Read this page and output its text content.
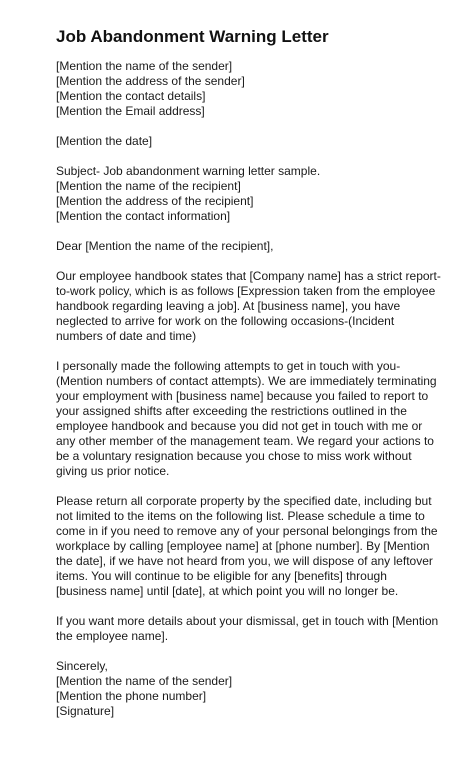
Job Abandonment Warning Letter
[Mention the name of the sender]
[Mention the address of the sender]
[Mention the contact details]
[Mention the Email address]
[Mention the date]
Subject- Job abandonment warning letter sample.
[Mention the name of the recipient]
[Mention the address of the recipient]
[Mention the contact information]
Dear [Mention the name of the recipient],
Our employee handbook states that [Company name] has a strict report-
to-work policy, which is as follows [Expression taken from the employee
handbook regarding leaving a job]. At [business name], you have
neglected to arrive for work on the following occasions-(Incident
numbers of date and time)
I personally made the following attempts to get in touch with you-
(Mention numbers of contact attempts). We are immediately terminating
your employment with [business name] because you failed to report to
your assigned shifts after exceeding the restrictions outlined in the
employee handbook and because you did not get in touch with me or
any other member of the management team. We regard your actions to
be a voluntary resignation because you chose to miss work without
giving us prior notice.
Please return all corporate property by the specified date, including but
not limited to the items on the following list. Please schedule a time to
come in if you need to remove any of your personal belongings from the
workplace by calling [employee name] at [phone number]. By [Mention
the date], if we have not heard from you, we will dispose of any leftover
items. You will continue to be eligible for any [benefits] through
[business name] until [date], at which point you will no longer be.
If you want more details about your dismissal, get in touch with [Mention
the employee name].
Sincerely,
[Mention the name of the sender]
[Mention the phone number]
[Signature]
